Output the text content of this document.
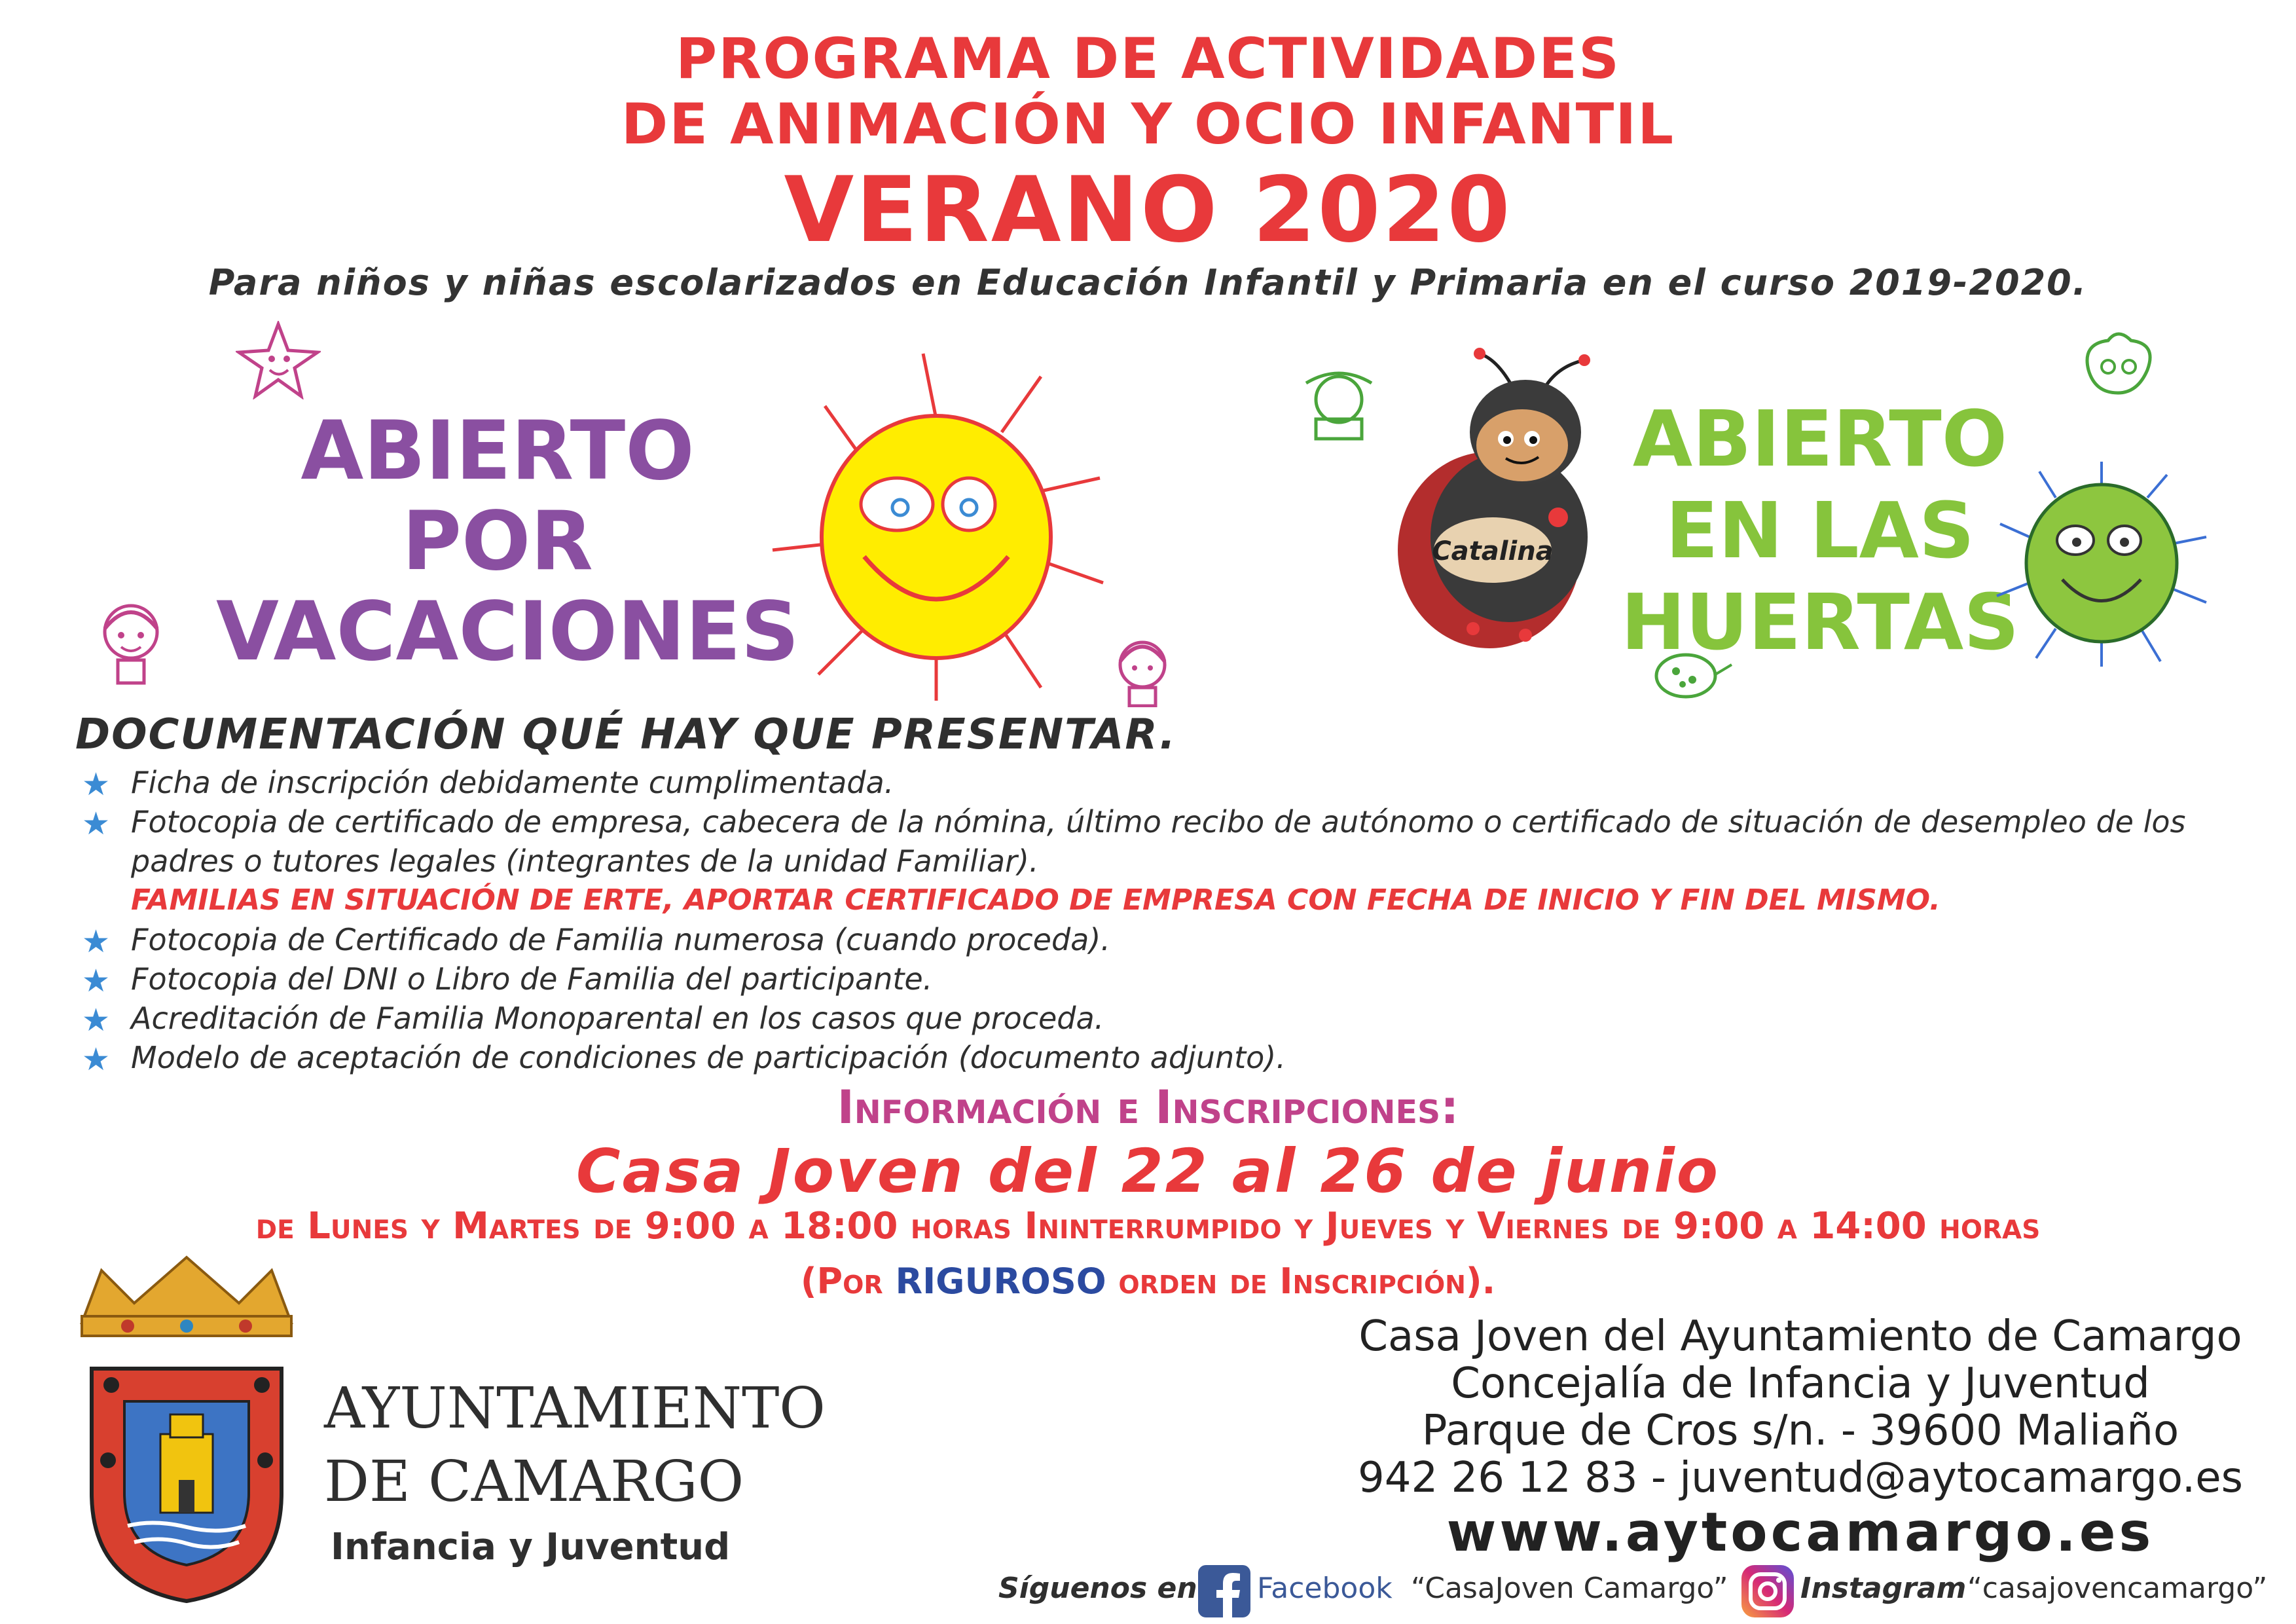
PROGRAMA DE ACTIVIDADES
DE ANIMACIÓN Y OCIO INFANTIL
VERANO 2020
Para niños y niñas escolarizados en Educación Infantil y Primaria en el curso 2019-2020.
ABIERTO
POR
VACACIONES
Catalina
ABIERTO
EN LAS
HUERTAS
DOCUMENTACIÓN QUÉ HAY QUE PRESENTAR.
★ Ficha de inscripción debidamente cumplimentada.
★ Fotocopia de certificado de empresa, cabecera de la nómina, último recibo de autónomo o certificado de situación de desempleo de los padres o tutores legales (integrantes de la unidad Familiar).
FAMILIAS EN SITUACIÓN DE ERTE, APORTAR CERTIFICADO DE EMPRESA CON FECHA DE INICIO Y FIN DEL MISMO.
★ Fotocopia de Certificado de Familia numerosa (cuando proceda).
★ Fotocopia del DNI o Libro de Familia del participante.
★ Acreditación de Familia Monoparental en los casos que proceda.
★ Modelo de aceptación de condiciones de participación (documento adjunto).
Información e Inscripciones:
Casa Joven del 22 al 26 de junio
de Lunes y Martes de 9:00 a 18:00 horas Ininterrumpido y Jueves y Viernes de 9:00 a 14:00 horas
(Por RIGUROSO orden de Inscripción).
AYUNTAMIENTO
DE CAMARGO
Infancia y Juventud
Casa Joven del Ayuntamiento de Camargo
Concejalía de Infancia y Juventud
Parque de Cros s/n. - 39600 Maliaño
942 26 12 83 - juventud@aytocamargo.es
www.aytocamargo.es
Síguenos en Facebook “CasaJoven Camargo”	Instagram “casajovencamargo”
